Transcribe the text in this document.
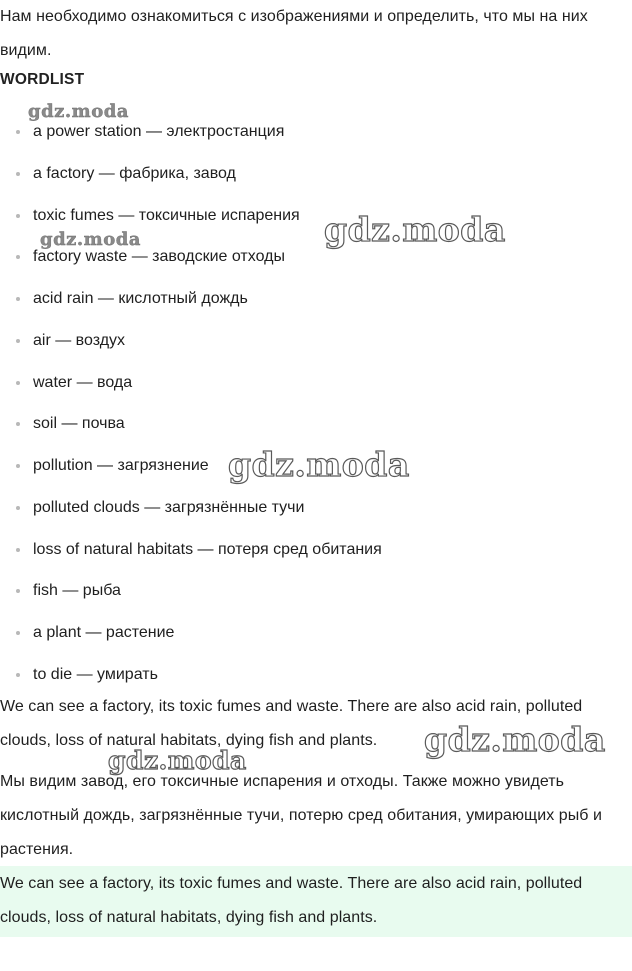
Нам необходимо ознакомиться с изображениями и определить, что мы на них видим.

WORDLIST
a power station — электростанция
a factory — фабрика, завод
toxic fumes — токсичные испарения
factory waste — заводские отходы
acid rain — кислотный дождь
air — воздух
water — вода
soil — почва
pollution — загрязнение
polluted clouds — загрязнённые тучи
loss of natural habitats — потеря сред обитания
fish — рыба
a plant — растение
to die — умирать

We can see a factory, its toxic fumes and waste. There are also acid rain, polluted clouds, loss of natural habitats, dying fish and plants.

Мы видим завод, его токсичные испарения и отходы. Также можно увидеть кислотный дождь, загрязнённые тучи, потерю сред обитания, умирающих рыб и растения.

We can see a factory, its toxic fumes and waste. There are also acid rain, polluted clouds, loss of natural habitats, dying fish and plants.

gdz.moda
gdz.moda
gdz.moda
gdz.moda
gdz.moda
gdz.moda
